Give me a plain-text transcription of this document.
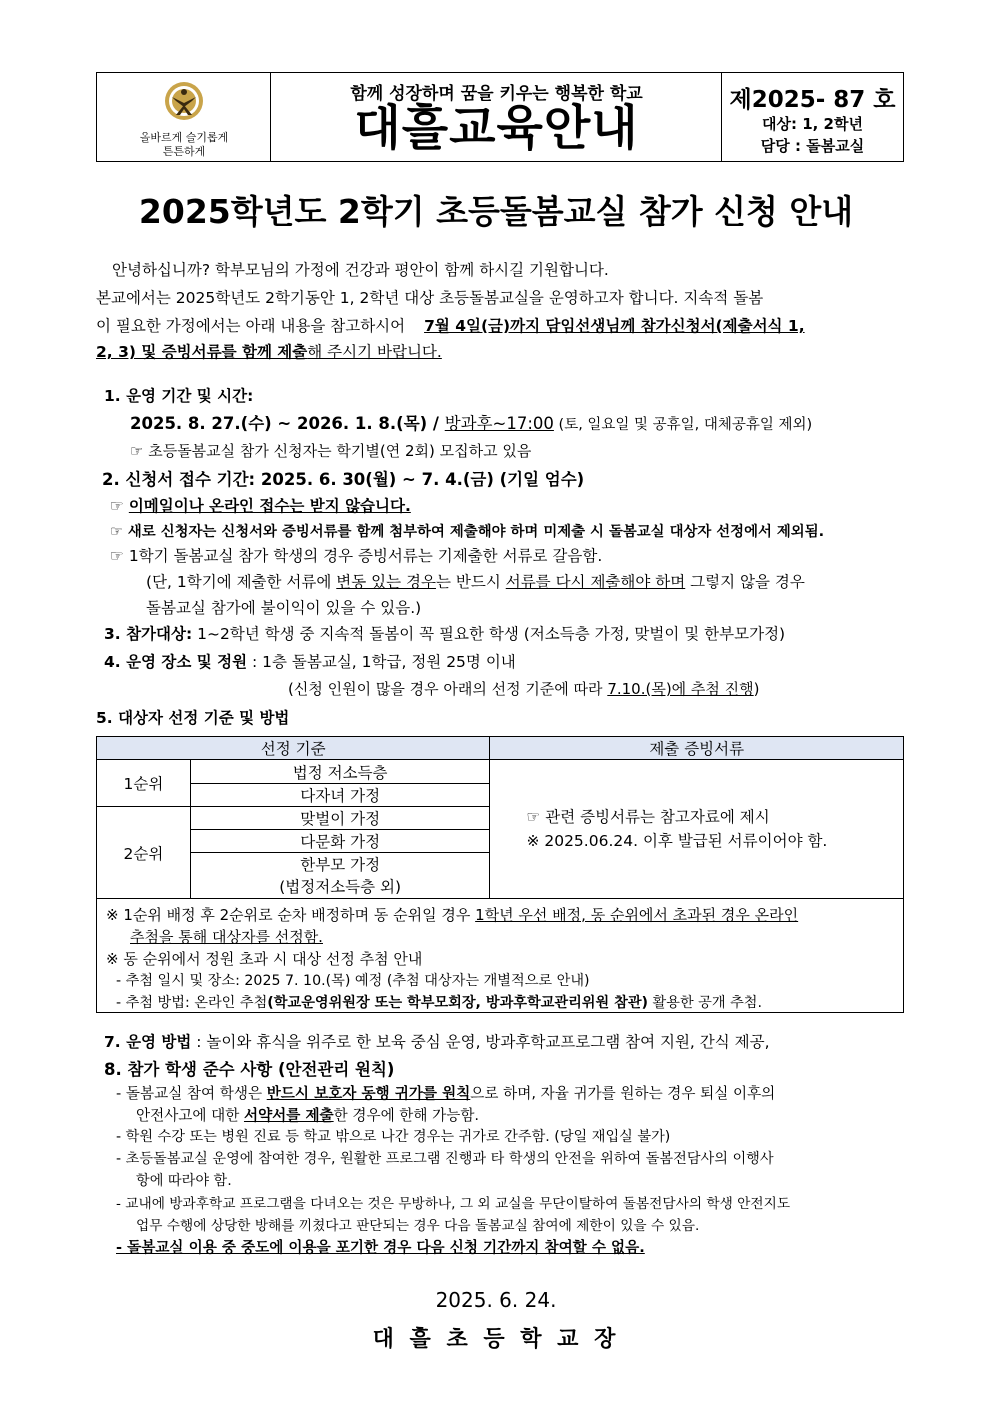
올바르게 슬기롭게
튼튼하게
함께 성장하며 꿈을 키우는 행복한 학교
대흘교육안내	제2025- 87 호
대상: 1, 2학년
담당 : 돌봄교실
2025학년도 2학기 초등돌봄교실 참가 신청 안내
안녕하십니까? 학부모님의 가정에 건강과 평안이 함께 하시길 기원합니다.
본교에서는 2025학년도 2학기동안 1, 2학년 대상 초등돌봄교실을 운영하고자 합니다. 지속적 돌봄
이 필요한 가정에서는 아래 내용을 참고하시어 7월 4일(금)까지 담임선생님께 참가신청서(제출서식 1,
2, 3) 및 증빙서류를 함께 제출해 주시기 바랍니다.
1. 운영 기간 및 시간:
2025. 8. 27.(수) ~ 2026. 1. 8.(목) / 방과후~17:00 (토, 일요일 및 공휴일, 대체공휴일 제외)
☞ 초등돌봄교실 참가 신청자는 학기별(연 2회) 모집하고 있음
2. 신청서 접수 기간: 2025. 6. 30(월) ~ 7. 4.(금) (기일 엄수)
☞ 이메일이나 온라인 접수는 받지 않습니다.
☞ 새로 신청자는 신청서와 증빙서류를 함께 첨부하여 제출해야 하며 미제출 시 돌봄교실 대상자 선정에서 제외됨.
☞ 1학기 돌봄교실 참가 학생의 경우 증빙서류는 기제출한 서류로 갈음함.
(단, 1학기에 제출한 서류에 변동 있는 경우는 반드시 서류를 다시 제출해야 하며 그렇지 않을 경우
돌봄교실 참가에 불이익이 있을 수 있음.)
3. 참가대상: 1~2학년 학생 중 지속적 돌봄이 꼭 필요한 학생 (저소득층 가정, 맞벌이 및 한부모가정)
4. 운영 장소 및 정원 : 1층 돌봄교실, 1학급, 정원 25명 이내
(신청 인원이 많을 경우 아래의 선정 기준에 따라 7.10.(목)에 추첨 진행)
5. 대상자 선정 기준 및 방법
선정 기준		제출 증빙서류
1순위	법정 저소득층	☞ 관련 증빙서류는 참고자료에 제시
※ 2025.06.24. 이후 발급된 서류이어야 함.

	다자녀 가정	
2순위	맞벌이 가정	
	다문화 가정	

	한부모 가정
(법정저소득층 외)	
※ 1순위 배정 후 2순위로 순차 배정하며 동 순위일 경우 1학년 우선 배정, 동 순위에서 초과된 경우 온라인
추첨을 통해 대상자를 선정함.
※ 동 순위에서 정원 초과 시 대상 선정 추첨 안내
- 추첨 일시 및 장소: 2025 7. 10.(목) 예정 (추첨 대상자는 개별적으로 안내)
- 추첨 방법: 온라인 추첨(학교운영위원장 또는 학부모회장, 방과후학교관리위원 참관) 활용한 공개 추첨.
7. 운영 방법 : 놀이와 휴식을 위주로 한 보육 중심 운영, 방과후학교프로그램 참여 지원, 간식 제공,
8. 참가 학생 준수 사항 (안전관리 원칙)
- 돌봄교실 참여 학생은 반드시 보호자 동행 귀가를 원칙으로 하며, 자율 귀가를 원하는 경우 퇴실 이후의
안전사고에 대한 서약서를 제출한 경우에 한해 가능함.
- 학원 수강 또는 병원 진료 등 학교 밖으로 나간 경우는 귀가로 간주함. (당일 재입실 불가)
- 초등돌봄교실 운영에 참여한 경우, 원활한 프로그램 진행과 타 학생의 안전을 위하여 돌봄전담사의 이행사
항에 따라야 함.
- 교내에 방과후학교 프로그램을 다녀오는 것은 무방하나, 그 외 교실을 무단이탈하여 돌봄전담사의 학생 안전지도
업무 수행에 상당한 방해를 끼쳤다고 판단되는 경우 다음 돌봄교실 참여에 제한이 있을 수 있음.
- 돌봄교실 이용 중 중도에 이용을 포기한 경우 다음 신청 기간까지 참여할 수 없음.
2025. 6. 24.
대 흘 초 등 학 교 장
